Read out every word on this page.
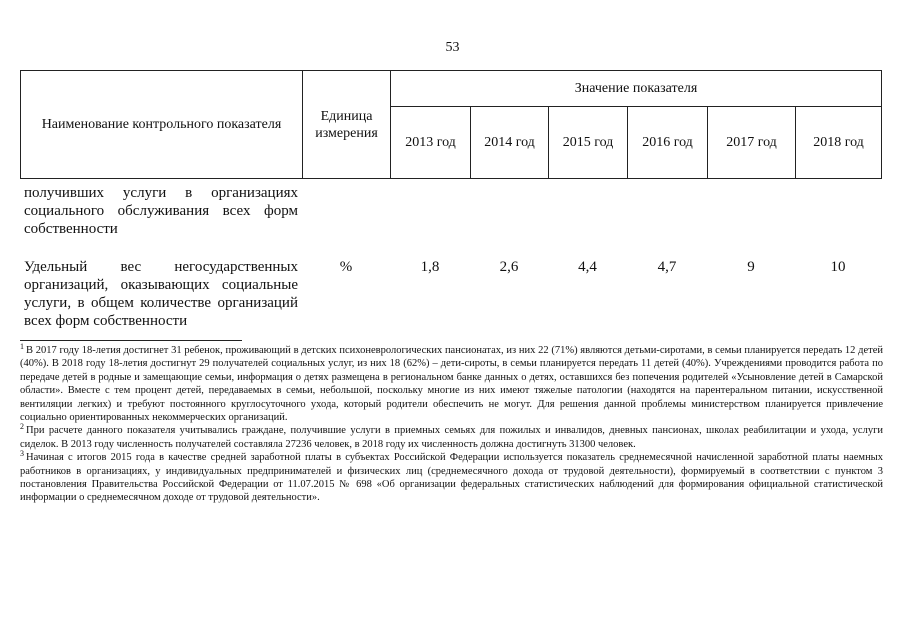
53
Наименование контрольного показателя	Единица измерения	Значение показателя					
		2013 год	2014 год	2015 год	2016 год	2017 год	2018 год
получивших услуги в организациях социального обслуживания всех форм собственности							
Удельный вес негосударственных организаций, оказывающих социальные услуги, в общем количестве организаций всех форм собственности	%	1,8	2,6	4,4	4,7	9	10

$^1$ В 2017 году 18-летия достигнет 31 ребенок, проживающий в детских психоневрологических пансионатах, из них 22 (71%) являются детьми-сиротами, в семьи планируется передать 12 детей (40%). В 2018 году 18-летия достигнут 29 получателей социальных услуг, из них 18 (62%) – дети-сироты, в семьи планируется передать 11 детей (40%). Учреждениями проводится работа по передаче детей в родные и замещающие семьи, информация о детях размещена в региональном банке данных о детях, оставшихся без попечения родителей «Усыновление детей в Самарской области». Вместе с тем процент детей, передаваемых в семьи, небольшой, поскольку многие из них имеют тяжелые патологии (находятся на парентеральном питании, искусственной вентиляции легких) и требуют постоянного круглосуточного ухода, который родители обеспечить не могут. Для решения данной проблемы министерством планируется привлечение социально ориентированных некоммерческих организаций.

$^2$ При расчете данного показателя учитывались граждане, получившие услуги в приемных семьях для пожилых и инвалидов, дневных пансионах, школах реабилитации и ухода, услуги сиделок. В 2013 году численность получателей составляла 27236 человек, в 2018 году их численность должна достигнуть 31300 человек.

$^3$ Начиная с итогов 2015 года в качестве средней заработной платы в субъектах Российской Федерации используется показатель среднемесячной начисленной заработной платы наемных работников в организациях, у индивидуальных предпринимателей и физических лиц (среднемесячного дохода от трудовой деятельности), формируемый в соответствии с пунктом 3 постановления Правительства Российской Федерации от 11.07.2015 № 698 «Об организации федеральных статистических наблюдений для формирования официальной статистической информации о среднемесячном доходе от трудовой деятельности».
